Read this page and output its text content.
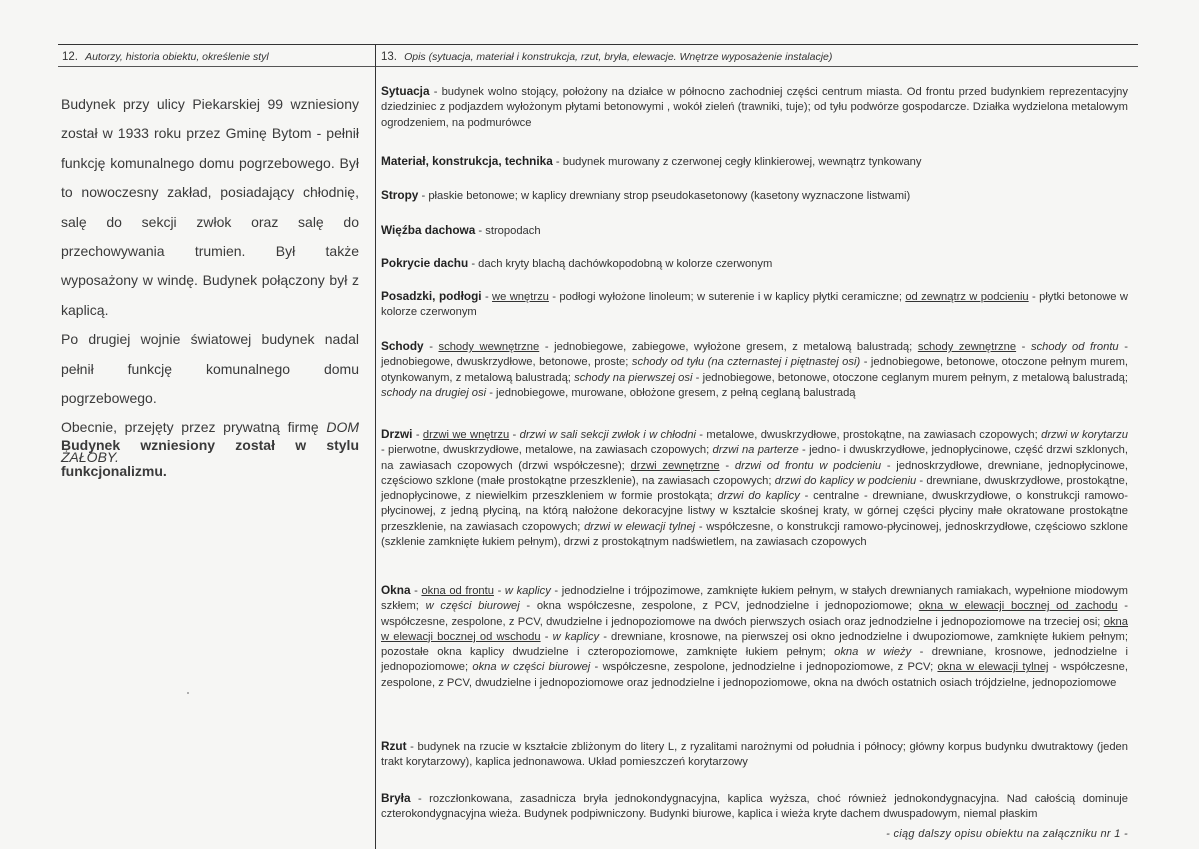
12. Autorzy, historia obiektu, określenie styl	13. Opis (sytuacja, materiał i konstrukcja, rzut, bryła, elewacje. Wnętrze wyposażenie instalacje)

Budynek przy ulicy Piekarskiej 99 wzniesiony został w 1933 roku przez Gminę Bytom - pełnił funkcję komunalnego domu pogrzebowego. Był to nowoczesny zakład, posiadający chłodnię, salę do sekcji zwłok oraz salę do przechowywania trumien. Był także wyposażony w windę. Budynek połączony był z kaplicą.

Po drugiej wojnie światowej budynek nadal pełnił funkcję komunalnego domu pogrzebowego.

Obecnie, przejęty przez prywatną firmę DOM ŻAŁOBY.

Budynek wzniesiony został w stylu funkcjonalizmu.
Sytuacja - budynek wolno stojący, położony na działce w północno zachodniej części centrum miasta. Od frontu przed budynkiem reprezentacyjny dziedziniec z podjazdem wyłożonym płytami betonowymi , wokół zieleń (trawniki, tuje); od tyłu podwórze gospodarcze. Działka wydzielona metalowym ogrodzeniem, na podmurówce
Materiał, konstrukcja, technika - budynek murowany z czerwonej cegły klinkierowej, wewnątrz tynkowany
Stropy - płaskie betonowe; w kaplicy drewniany strop pseudokasetonowy (kasetony wyznaczone listwami)
Więźba dachowa - stropodach
Pokrycie dachu - dach kryty blachą dachówkopodobną w kolorze czerwonym
Posadzki, podłogi - we wnętrzu - podłogi wyłożone linoleum; w suterenie i w kaplicy płytki ceramiczne; od zewnątrz w podcieniu - płytki betonowe w kolorze czerwonym
Schody - schody wewnętrzne - jednobiegowe, zabiegowe, wyłożone gresem, z metalową balustradą; schody zewnętrzne - schody od frontu - jednobiegowe, dwuskrzydłowe, betonowe, proste; schody od tyłu (na czternastej i piętnastej osi) - jednobiegowe, betonowe, otoczone pełnym murem, otynkowanym, z metalową balustradą; schody na pierwszej osi - jednobiegowe, betonowe, otoczone ceglanym murem pełnym, z metalową balustradą; schody na drugiej osi - jednobiegowe, murowane, obłożone gresem, z pełną ceglaną balustradą
Drzwi - drzwi we wnętrzu - drzwi w sali sekcji zwłok i w chłodni - metalowe, dwuskrzydłowe, prostokątne, na zawiasach czopowych; drzwi w korytarzu - pierwotne, dwuskrzydłowe, metalowe, na zawiasach czopowych; drzwi na parterze - jedno- i dwuskrzydłowe, jednopłycinowe, część drzwi szklonych, na zawiasach czopowych (drzwi współczesne); drzwi zewnętrzne - drzwi od frontu w podcieniu - jednoskrzydłowe, drewniane, jednopłycinowe, częściowo szklone (małe prostokątne przeszklenie), na zawiasach czopowych; drzwi do kaplicy w podcieniu - drewniane, dwuskrzydłowe, prostokątne, jednopłycinowe, z niewielkim przeszkleniem w formie prostokąta; drzwi do kaplicy - centralne - drewniane, dwuskrzydłowe, o konstrukcji ramowo-płycinowej, z jedną płyciną, na którą nałożone dekoracyjne listwy w kształcie skośnej kraty, w górnej części płyciny małe okratowane prostokątne przeszklenie, na zawiasach czopowych; drzwi w elewacji tylnej - współczesne, o konstrukcji ramowo-płycinowej, jednoskrzydłowe, częściowo szklone (szklenie zamknięte łukiem pełnym), drzwi z prostokątnym nadświetlem, na zawiasach czopowych
Okna - okna od frontu - w kaplicy - jednodzielne i trójpozimowe, zamknięte łukiem pełnym, w stałych drewnianych ramiakach, wypełnione miodowym szkłem; w części biurowej - okna współczesne, zespolone, z PCV, jednodzielne i jednopoziomowe; okna w elewacji bocznej od zachodu - współczesne, zespolone, z PCV, dwudzielne i jednopoziomowe na dwóch pierwszych osiach oraz jednodzielne i jednopoziomowe na trzeciej osi; okna w elewacji bocznej od wschodu - w kaplicy - drewniane, krosnowe, na pierwszej osi okno jednodzielne i dwupoziomowe, zamknięte łukiem pełnym; pozostałe okna kaplicy dwudzielne i czteropoziomowe, zamknięte łukiem pełnym; okna w wieży - drewniane, krosnowe, jednodzielne i jednopoziomowe; okna w części biurowej - współczesne, zespolone, jednodzielne i jednopoziomowe, z PCV; okna w elewacji tylnej - współczesne, zespolone, z PCV, dwudzielne i jednopoziomowe oraz jednodzielne i jednopoziomowe, okna na dwóch ostatnich osiach trójdzielne, jednopoziomowe
Rzut - budynek na rzucie w kształcie zbliżonym do litery L, z ryzalitami narożnymi od południa i północy; główny korpus budynku dwutraktowy (jeden trakt korytarzowy), kaplica jednonawowa. Układ pomieszczeń korytarzowy
Bryła - rozczłonkowana, zasadnicza bryła jednokondygnacyjna, kaplica wyższa, choć również jednokondygnacyjna. Nad całością dominuje czterokondygnacyjna wieża. Budynek podpiwniczony. Budynki biurowe, kaplica i wieża kryte dachem dwuspadowym, niemal płaskim
- ciąg dalszy opisu obiektu na załączniku nr 1 -
